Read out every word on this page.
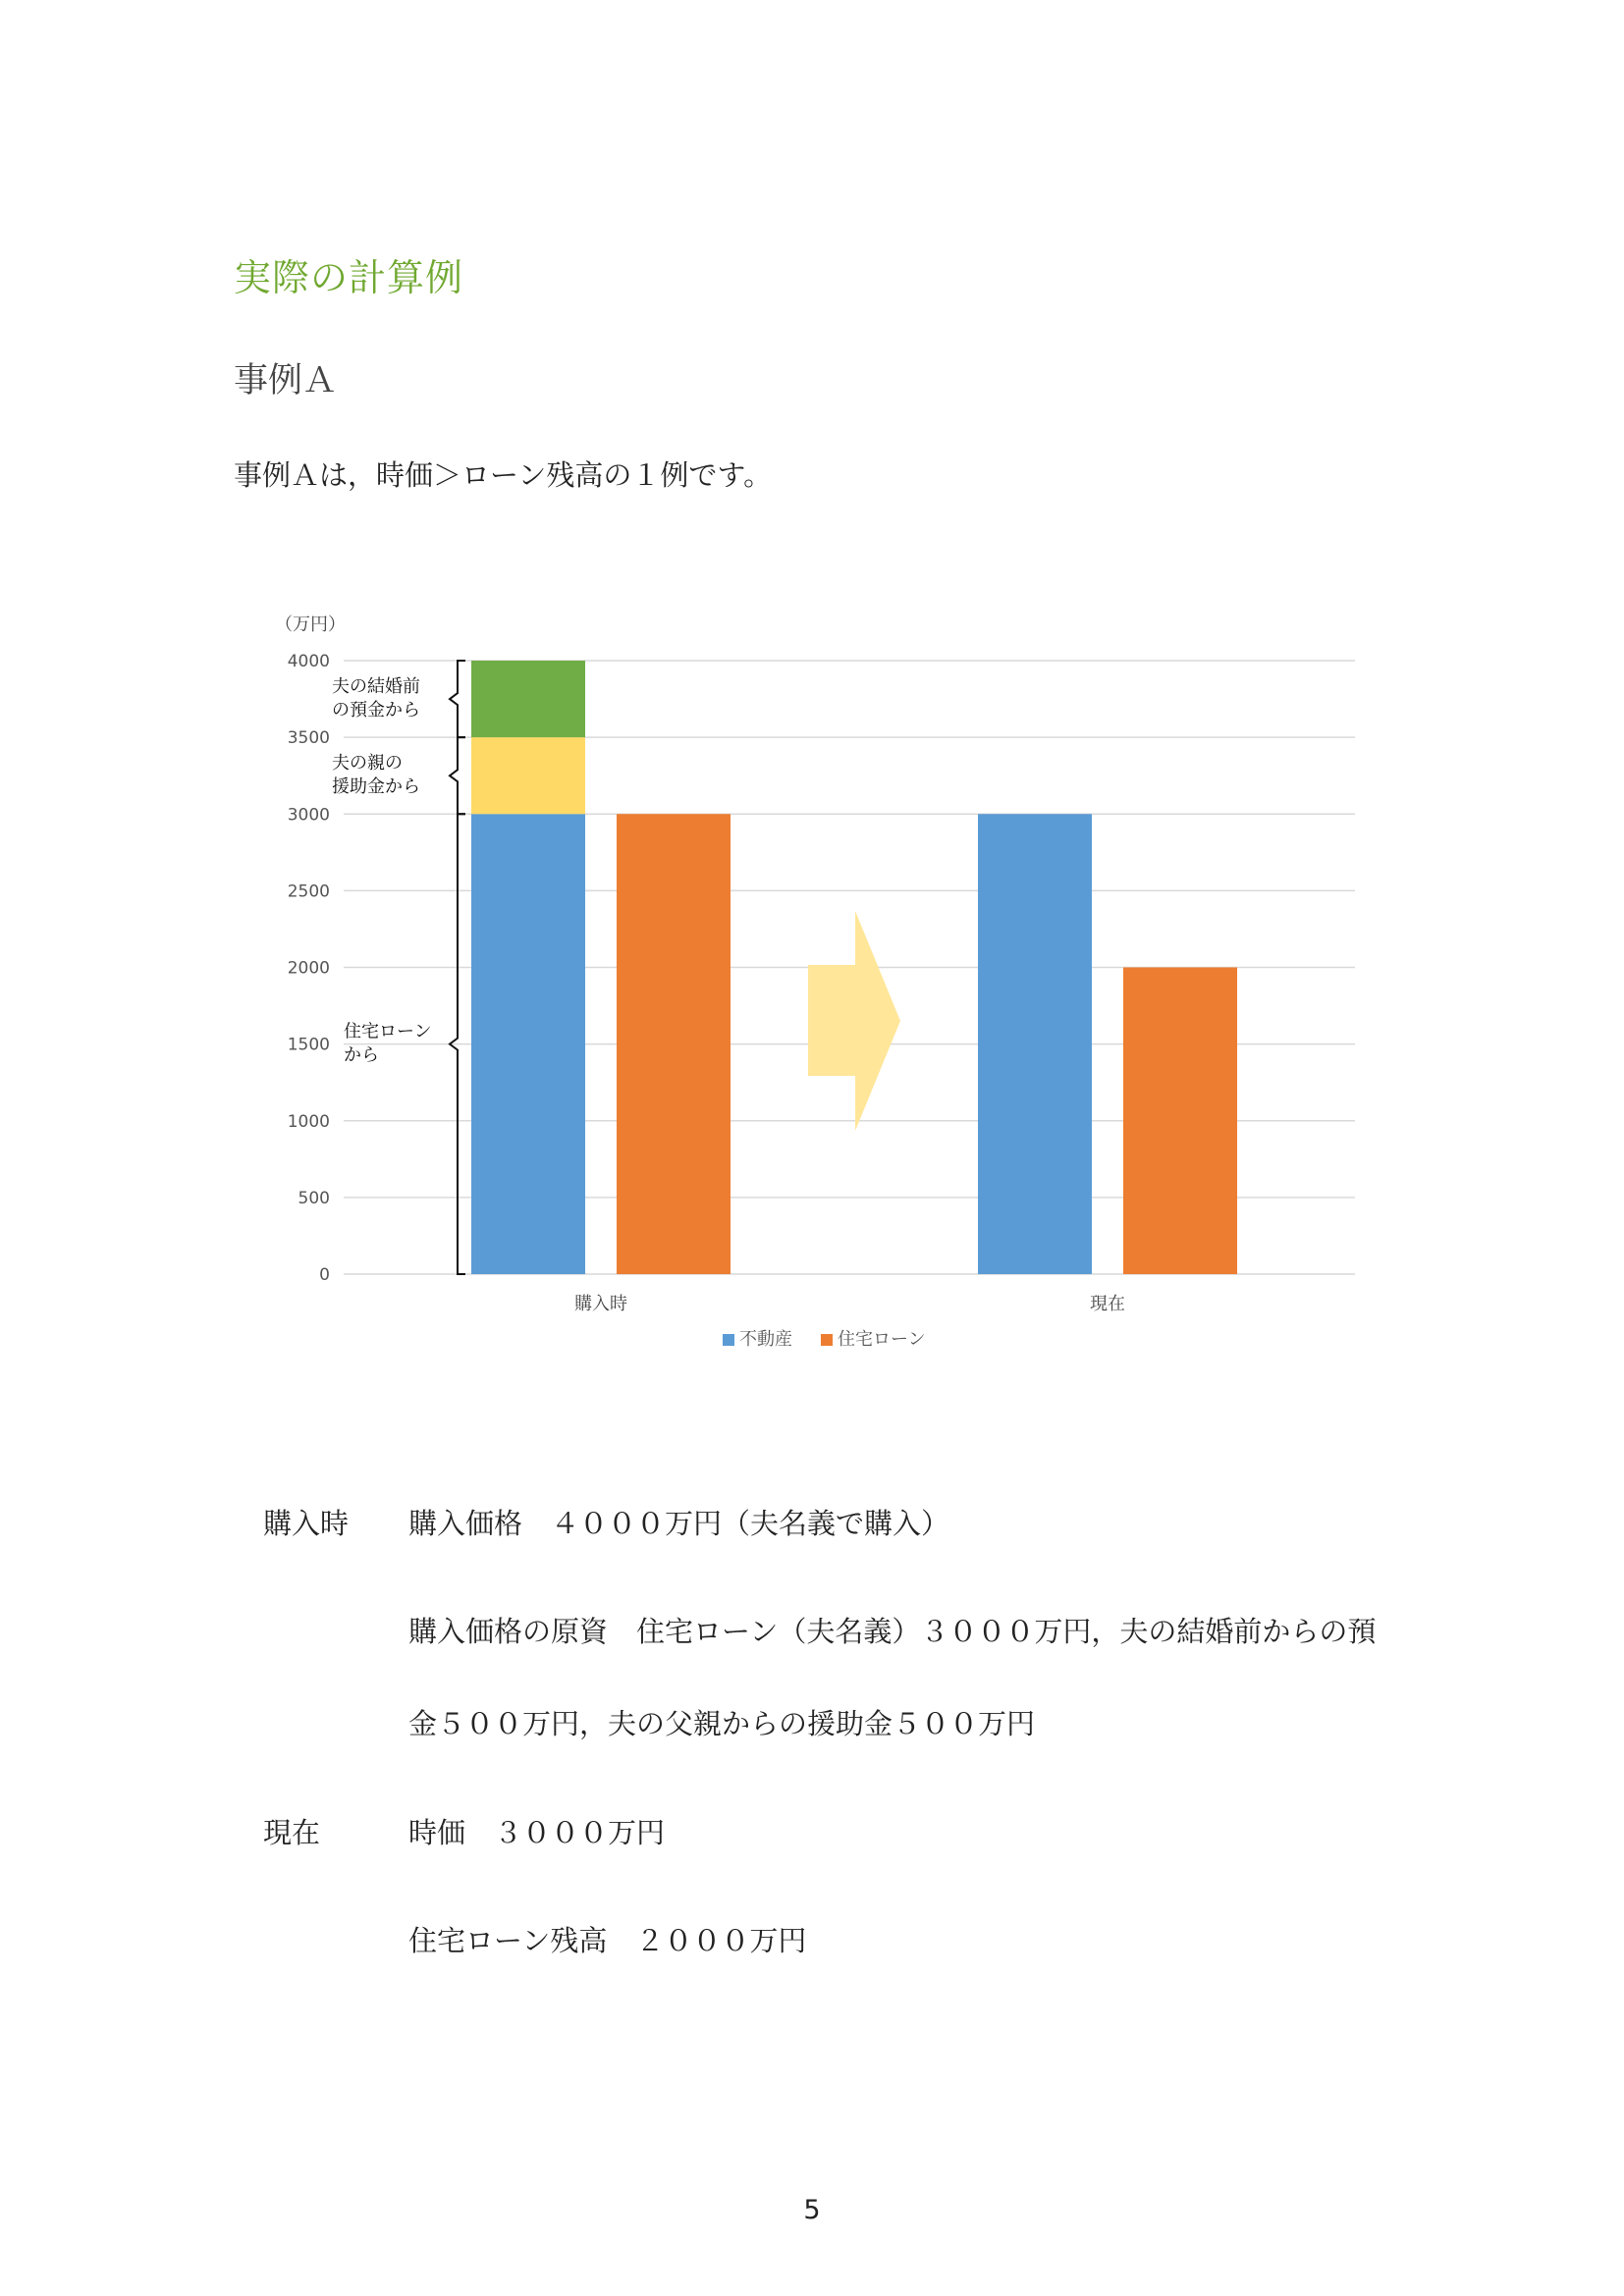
実際の計算例
事例Ａ
事例Ａは，時価＞ローン残高の１例です。
（万円）
0
500
1000
1500
2000
2500
3000
3500
4000
購入時	現在
夫の結婚前
の預金から
夫の親の
援助金から
住宅ローン
から
不動産	住宅ローン
購入時 購入価格　４０００万円（夫名義で購入）
購入価格の原資　住宅ローン（夫名義）３０００万円，夫の結婚前からの預
金５００万円，夫の父親からの援助金５００万円
現在	時価　３０００万円
住宅ローン残高　２０００万円
5
